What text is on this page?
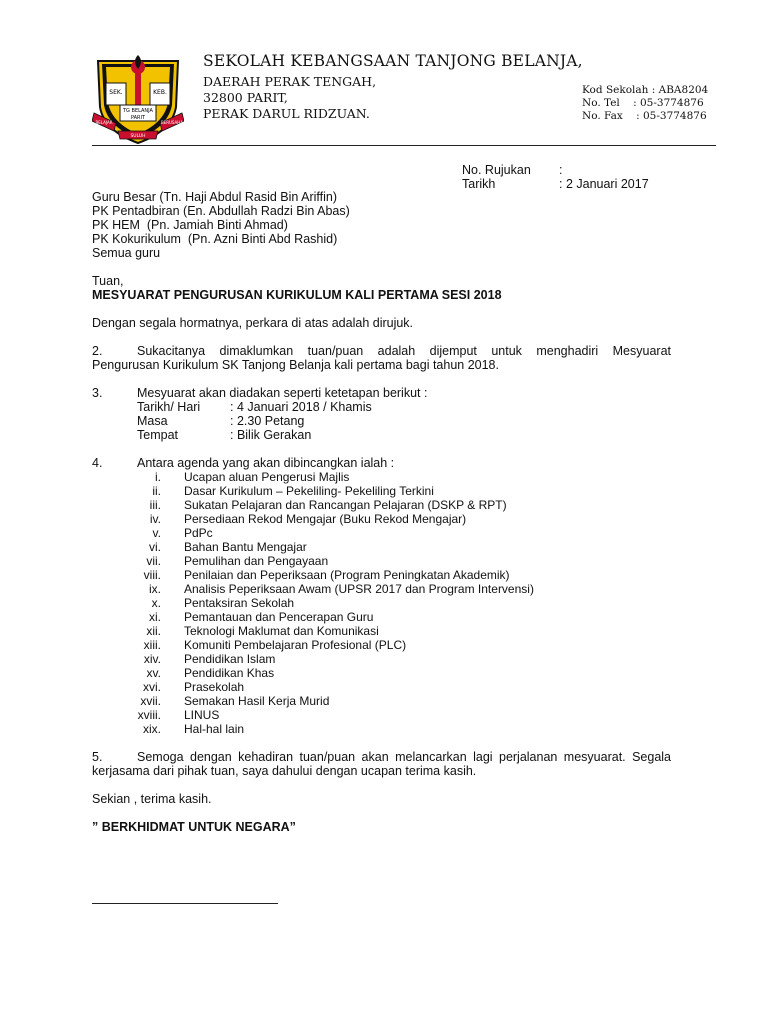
SEK.	KEB.
TG BELANJA
PARIT
BELAJAR	BERUSAHA
SULUH
SEKOLAH KEBANGSAAN TANJONG BELANJA,
DAERAH PERAK TENGAH,
32800 PARIT,
PERAK DARUL RIDZUAN.
Kod Sekolah : ABA8204
No. Tel    : 05-3774876
No. Fax    : 05-3774876
No. Rujukan :
Tarikh	: 2 Januari 2017
Guru Besar (Tn. Haji Abdul Rasid Bin Ariffin)
PK Pentadbiran (En. Abdullah Radzi Bin Abas)
PK HEM  (Pn. Jamiah Binti Ahmad)
PK Kokurikulum  (Pn. Azni Binti Abd Rashid)
Semua guru
Tuan,
MESYUARAT PENGURUSAN KURIKULUM KALI PERTAMA SESI 2018
Dengan segala hormatnya, perkara di atas adalah dirujuk.
2.	Sukacitanya dimaklumkan tuan/puan adalah dijemput untuk menghadiri Mesyuarat
Pengurusan Kurikulum SK Tanjong Belanja kali pertama bagi tahun 2018.
3.	Mesyuarat akan diadakan seperti ketetapan berikut :
Tarikh/ Hari : 4 Januari 2018 / Khamis
Masa	: 2.30 Petang
Tempat	: Bilik Gerakan
4.	Antara agenda yang akan dibincangkan ialah :
i. Ucapan aluan Pengerusi Majlis
ii. Dasar Kurikulum – Pekeliling- Pekeliling Terkini
iii. Sukatan Pelajaran dan Rancangan Pelajaran (DSKP & RPT)
iv. Persediaan Rekod Mengajar (Buku Rekod Mengajar)
v. PdPc
vi. Bahan Bantu Mengajar
vii. Pemulihan dan Pengayaan
viii. Penilaian dan Peperiksaan (Program Peningkatan Akademik)
ix. Analisis Peperiksaan Awam (UPSR 2017 dan Program Intervensi)
x. Pentaksiran Sekolah
xi. Pemantauan dan Pencerapan Guru
xii. Teknologi Maklumat dan Komunikasi
xiii. Komuniti Pembelajaran Profesional (PLC)
xiv. Pendidikan Islam
xv. Pendidikan Khas
xvi. Prasekolah
xvii. Semakan Hasil Kerja Murid
xviii. LINUS
xix. Hal-hal lain
5.	Semoga dengan kehadiran tuan/puan akan melancarkan lagi perjalanan mesyuarat. Segala
kerjasama dari pihak tuan, saya dahului dengan ucapan terima kasih.
Sekian , terima kasih.
” BERKHIDMAT UNTUK NEGARA”
